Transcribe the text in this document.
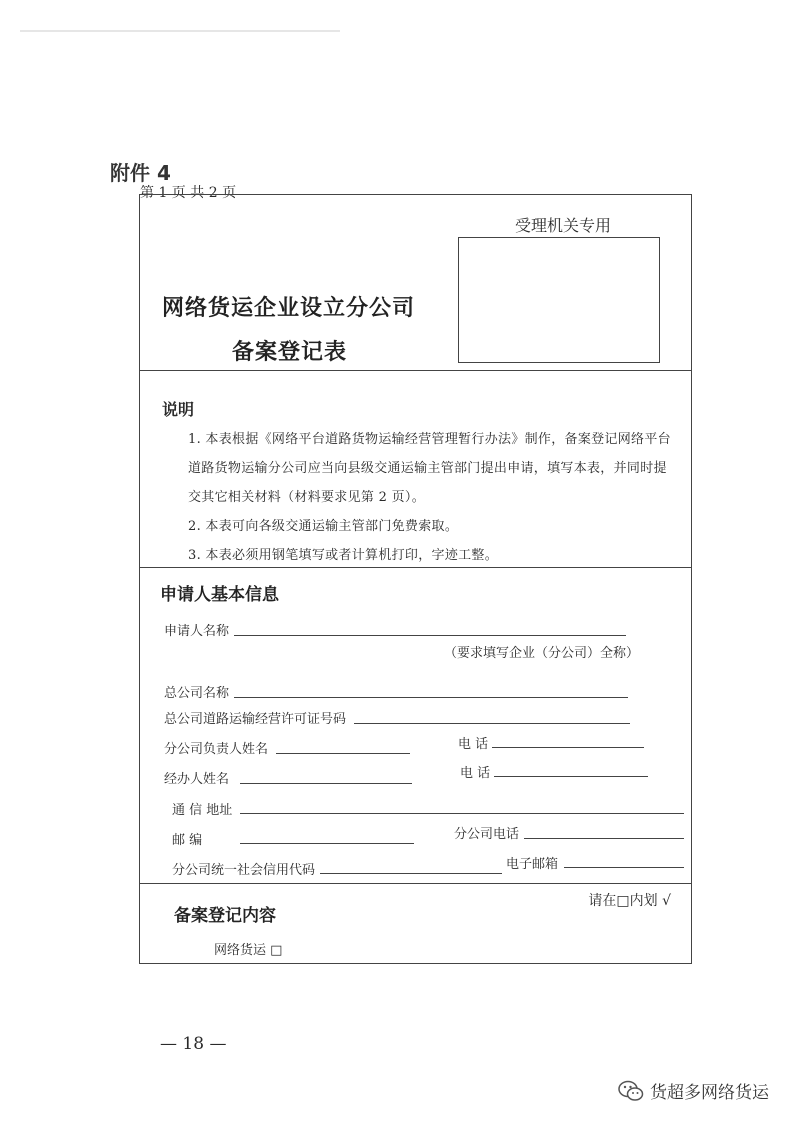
附件 4
第 1 页 共 2 页
受理机关专用
网络货运企业设立分公司
备案登记表
说明
1. 本表根据《网络平台道路货物运输经营管理暂行办法》制作，备案登记网络平台
道路货物运输分公司应当向县级交通运输主管部门提出申请，填写本表，并同时提
交其它相关材料（材料要求见第 2 页）。
2. 本表可向各级交通运输主管部门免费索取。
3. 本表必须用钢笔填写或者计算机打印，字迹工整。
申请人基本信息
申请人名称
（要求填写企业（分公司）全称）
总公司名称
总公司道路运输经营许可证号码
分公司负责人姓名	电 话
经办人姓名	电 话
通 信 地址
邮 编	分公司电话
分公司统一社会信用代码	电子邮箱
请在□内划 √
备案登记内容
网络货运 □
— 18 —
货超多网络货运
